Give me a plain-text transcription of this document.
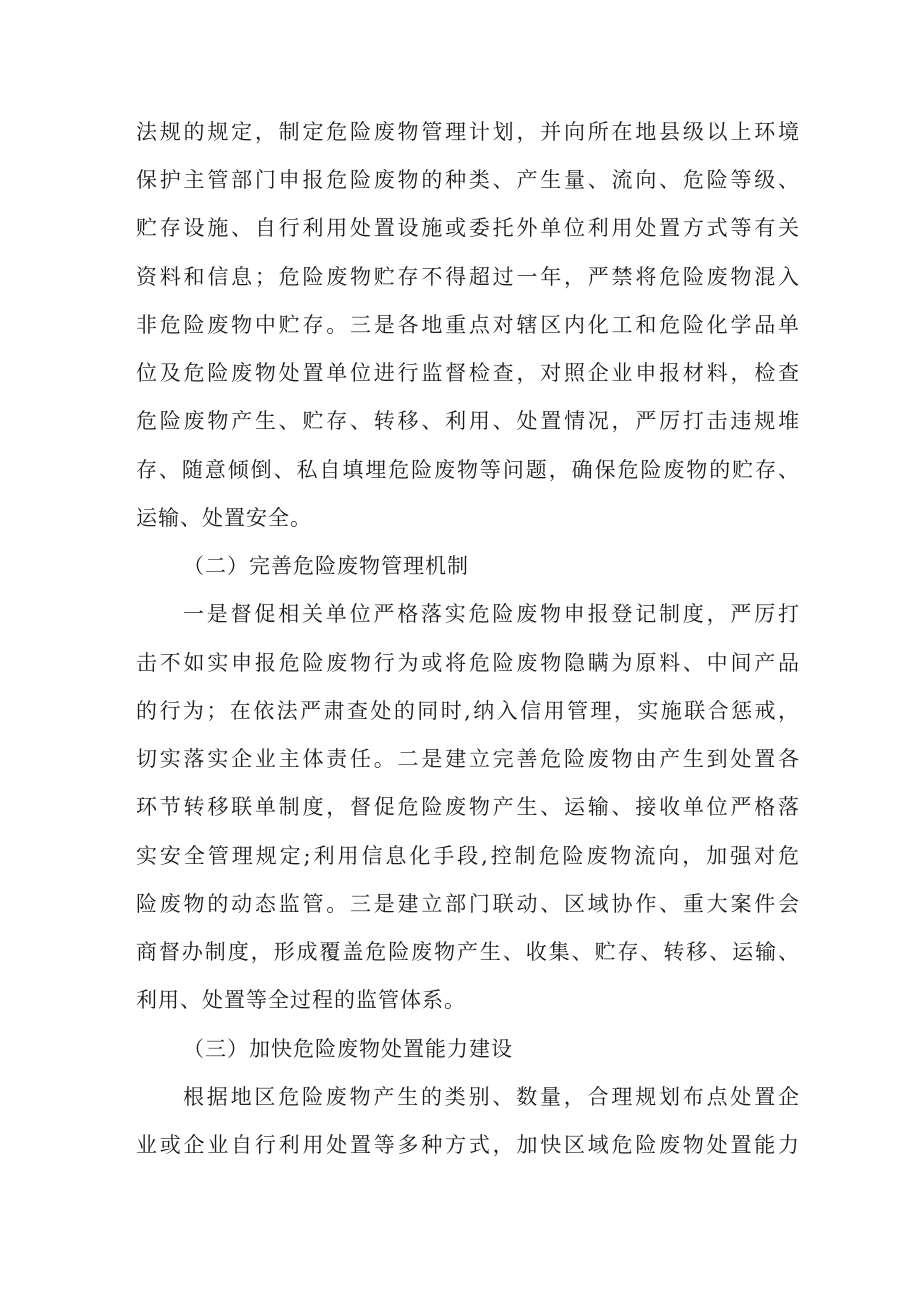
法规的规定，制定危险废物管理计划，并向所在地县级以上环境
保护主管部门申报危险废物的种类、产生量、流向、危险等级、
贮存设施、自行利用处置设施或委托外单位利用处置方式等有关
资料和信息；危险废物贮存不得超过一年，严禁将危险废物混入
非危险废物中贮存。三是各地重点对辖区内化工和危险化学品单
位及危险废物处置单位进行监督检查，对照企业申报材料，检查
危险废物产生、贮存、转移、利用、处置情况，严厉打击违规堆
存、随意倾倒、私自填埋危险废物等问题，确保危险废物的贮存、
运输、处置安全。
（二）完善危险废物管理机制
一是督促相关单位严格落实危险废物申报登记制度，严厉打
击不如实申报危险废物行为或将危险废物隐瞒为原料、中间产品
的行为；在依法严肃查处的同时,纳入信用管理，实施联合惩戒，
切实落实企业主体责任。二是建立完善危险废物由产生到处置各
环节转移联单制度，督促危险废物产生、运输、接收单位严格落
实安全管理规定;利用信息化手段,控制危险废物流向，加强对危
险废物的动态监管。三是建立部门联动、区域协作、重大案件会
商督办制度，形成覆盖危险废物产生、收集、贮存、转移、运输、
利用、处置等全过程的监管体系。
（三）加快危险废物处置能力建设
根据地区危险废物产生的类别、数量，合理规划布点处置企
业或企业自行利用处置等多种方式，加快区域危险废物处置能力
